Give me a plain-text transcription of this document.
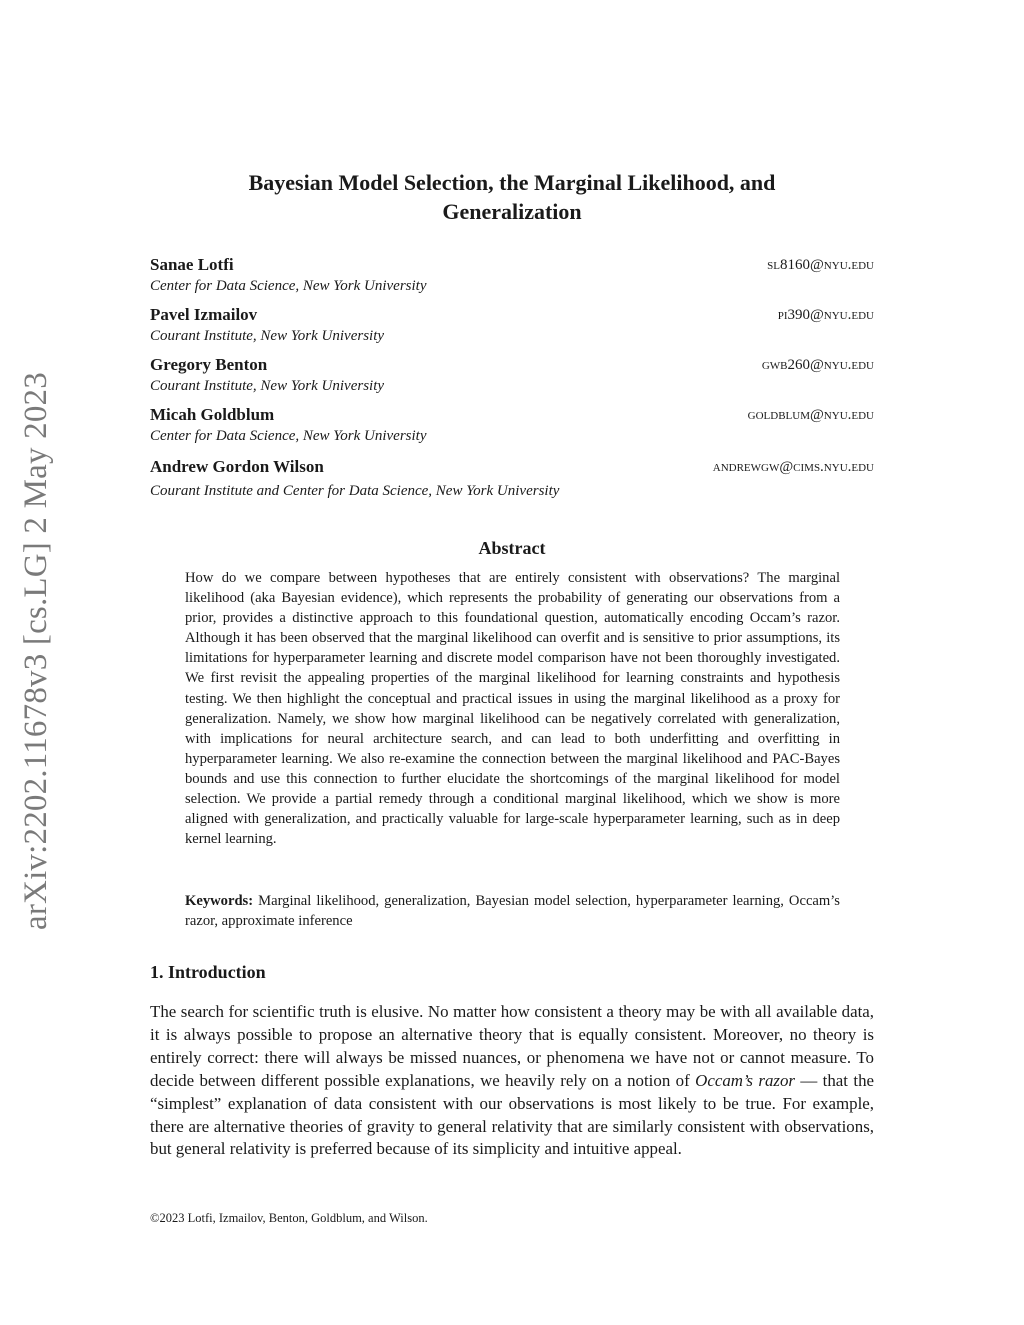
arXiv:2202.11678v3 [cs.LG] 2 May 2023
Bayesian Model Selection, the Marginal Likelihood, and
Generalization
Sanae Lotfi
Center for Data Science, New York University
sl8160@nyu.edu
Pavel Izmailov
Courant Institute, New York University
pi390@nyu.edu
Gregory Benton
Courant Institute, New York University
gwb260@nyu.edu
Micah Goldblum
Center for Data Science, New York University
goldblum@nyu.edu
Andrew Gordon Wilson
Courant Institute and Center for Data Science, New York University
andrewgw@cims.nyu.edu
Abstract

How do we compare between hypotheses that are entirely consistent with observations? The marginal likelihood (aka Bayesian evidence), which represents the probability of generating our observations from a prior, provides a distinctive approach to this foundational question, automatically encoding Occam’s razor. Although it has been observed that the marginal likelihood can overfit and is sensitive to prior assumptions, its limitations for hyperparameter learning and discrete model comparison have not been thoroughly investigated. We first revisit the appealing properties of the marginal likelihood for learning constraints and hypothesis testing. We then highlight the conceptual and practical issues in using the marginal likelihood as a proxy for generalization. Namely, we show how marginal likelihood can be negatively correlated with generalization, with implications for neural architecture search, and can lead to both underfitting and overfitting in hyperparameter learning. We also re-examine the connection between the marginal likelihood and PAC-Bayes bounds and use this connection to further elucidate the shortcomings of the marginal likelihood for model selection. We provide a partial remedy through a conditional marginal likelihood, which we show is more aligned with generalization, and practically valuable for large-scale hyperparameter learning, such as in deep kernel learning.

Keywords: Marginal likelihood, generalization, Bayesian model selection, hyperparameter learning, Occam’s razor, approximate inference

1. Introduction

The search for scientific truth is elusive. No matter how consistent a theory may be with all available data, it is always possible to propose an alternative theory that is equally consistent. Moreover, no theory is entirely correct: there will always be missed nuances, or phenomena we have not or cannot measure. To decide between different possible explanations, we heavily rely on a notion of Occam’s razor — that the “simplest” explanation of data consistent with our observations is most likely to be true. For example, there are alternative theories of gravity to general relativity that are similarly consistent with observations, but general relativity is preferred because of its simplicity and intuitive appeal.

©2023 Lotfi, Izmailov, Benton, Goldblum, and Wilson.
